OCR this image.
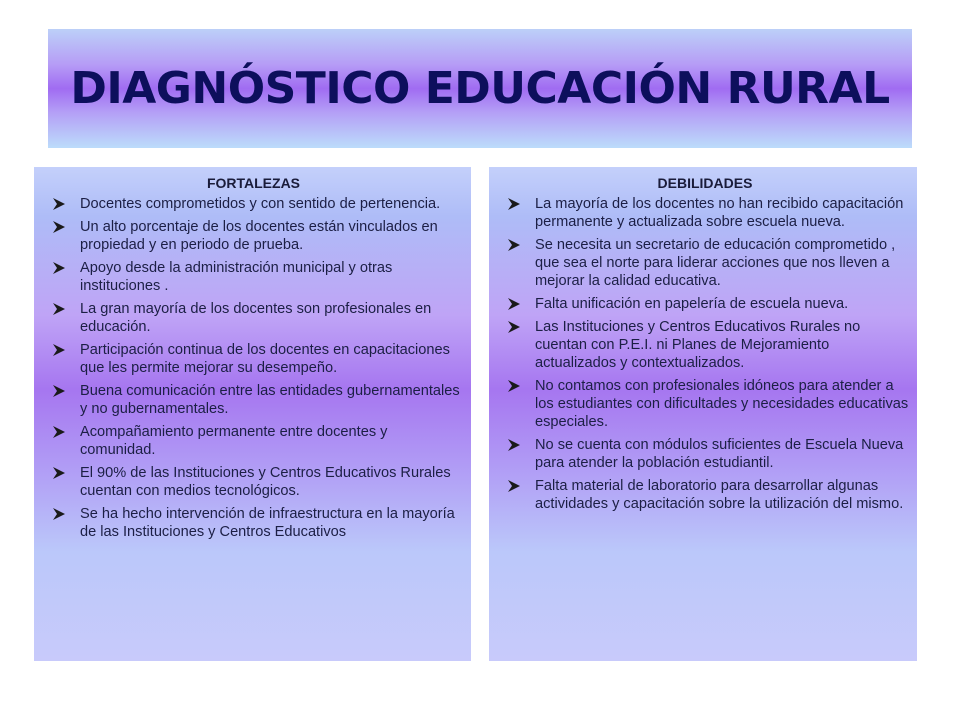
DIAGNÓSTICO EDUCACIÓN RURAL
FORTALEZAS
Docentes comprometidos y con sentido de pertenencia.
Un alto porcentaje de los docentes están vinculados en propiedad y en periodo de prueba.
Apoyo desde la administración municipal y otras instituciones .
La gran mayoría de los docentes son profesionales en educación.
Participación continua de los docentes en capacitaciones que les permite mejorar su desempeño.
Buena comunicación entre las entidades gubernamentales y no gubernamentales.
Acompañamiento permanente entre docentes y comunidad.
El 90% de las Instituciones y Centros Educativos Rurales cuentan con medios tecnológicos.
Se ha hecho intervención de infraestructura en la mayoría de las Instituciones y Centros Educativos
DEBILIDADES
La mayoría de los docentes no han recibido capacitación permanente y actualizada sobre escuela nueva.
Se necesita un secretario de educación comprometido , que sea el norte para liderar acciones que nos lleven a mejorar la calidad educativa.
Falta unificación en papelería de escuela nueva.
Las Instituciones y Centros Educativos Rurales no cuentan con P.E.I. ni Planes de Mejoramiento actualizados y contextualizados.
No contamos con profesionales idóneos para atender a los estudiantes con dificultades y necesidades educativas especiales.
No se cuenta con módulos suficientes de Escuela Nueva para atender la población estudiantil.
Falta material de laboratorio para desarrollar algunas actividades y capacitación sobre la utilización del mismo.
